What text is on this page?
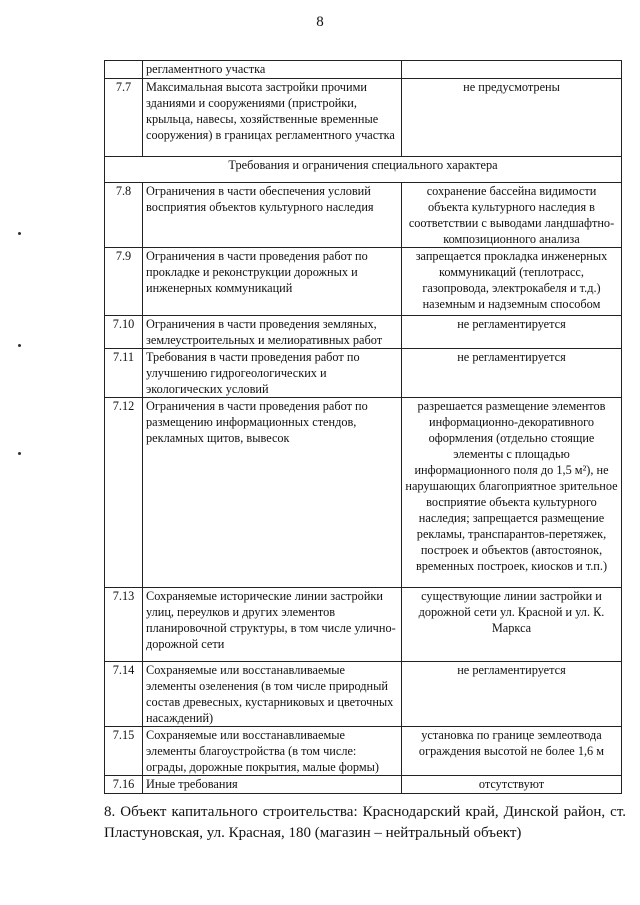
8
	регламентного участка	
7.7	Максимальная высота застройки прочими зданиями и сооружениями (пристройки, крыльца, навесы, хозяйственные временные сооружения) в границах регламентного участка	не предусмотрены
Требования и ограничения специального характера		
7.8	Ограничения в части обеспечения условий восприятия объектов культурного наследия	сохранение бассейна видимости объекта культурного наследия в соответствии с выводами ландшафтно-композиционного анализа
7.9	Ограничения в части проведения работ по прокладке и реконструкции дорожных и инженерных коммуникаций	запрещается прокладка инженерных коммуникаций (теплотрасс, газопровода, электрокабеля и т.д.) наземным и надземным способом
7.10	Ограничения в части проведения земляных, землеустроительных и мелиоративных работ	не регламентируется
7.11	Требования в части проведения работ по улучшению гидрогеологических и экологических условий	не регламентируется
7.12	Ограничения в части проведения работ по размещению информационных стендов, рекламных щитов, вывесок	разрешается размещение элементов информационно-декоративного оформления (отдельно стоящие элементы с площадью информационного поля до 1,5 м²), не нарушающих благоприятное зрительное восприятие объекта культурного наследия; запрещается размещение рекламы, транспарантов-перетяжек, построек и объектов (автостоянок, временных построек, киосков и т.п.)
7.13	Сохраняемые исторические линии застройки улиц, переулков и других элементов планировочной структуры, в том числе улично-дорожной сети	существующие линии застройки и дорожной сети ул. Красной и ул. К. Маркса
7.14	Сохраняемые или восстанавливаемые элементы озеленения (в том числе природный состав древесных, кустарниковых и цветочных насаждений)	не регламентируется
7.15	Сохраняемые или восстанавливаемые элементы благоустройства (в том числе: ограды, дорожные покрытия, малые формы)	установка по границе землеотвода ограждения высотой не более 1,6 м
7.16	Иные требования	отсутствуют
8. Объект капитального строительства: Краснодарский край, Динской район, ст. Пластуновская, ул. Красная, 180 (магазин – нейтральный объект)
